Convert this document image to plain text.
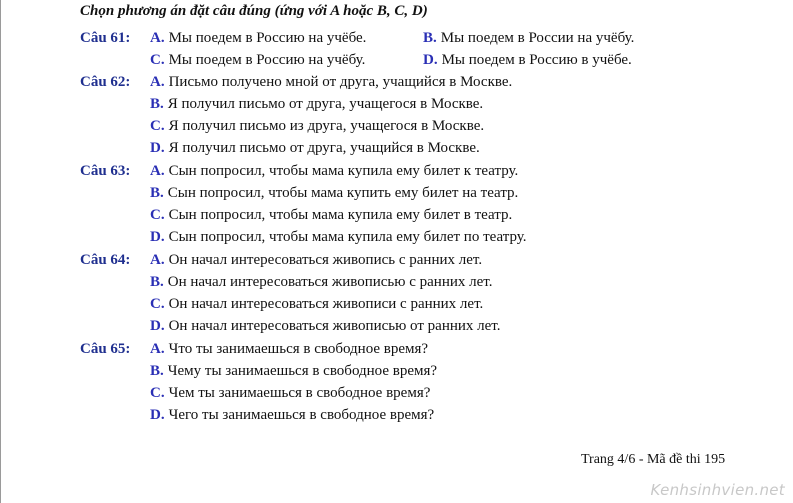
Chọn phương án đặt câu đúng (ứng với A hoặc B, C, D)
Câu 61: A. Мы поедем в Россию на учёбе.	B. Мы поедем в России на учёбу.
C. Мы поедем в Россию на учёбу.	D. Мы поедем в Россию в учёбе.
Câu 62: A. Письмо получено мной от друга, учащийся в Москве.
B. Я получил письмо от друга, учащегося в Москве.
C. Я получил письмо из друга, учащегося в Москве.
D. Я получил письмо от друга, учащийся в Москве.
Câu 63: A. Сын попросил, чтобы мама купила ему билет к театру.
B. Сын попросил, чтобы мама купить ему билет на театр.
C. Сын попросил, чтобы мама купила ему билет в театр.
D. Сын попросил, чтобы мама купила ему билет по театру.
Câu 64: A. Он начал интересоваться живопись с ранних лет.
B. Он начал интересоваться живописью с ранних лет.
C. Он начал интересоваться живописи с ранних лет.
D. Он начал интересоваться живописью от ранних лет.
Câu 65: A. Что ты занимаешься в свободное время?
B. Чему ты занимаешься в свободное время?
C. Чем ты занимаешься в свободное время?
D. Чего ты занимаешься в свободное время?
Trang 4/6 - Mã đề thi 195
Kenhsinhvien.net
